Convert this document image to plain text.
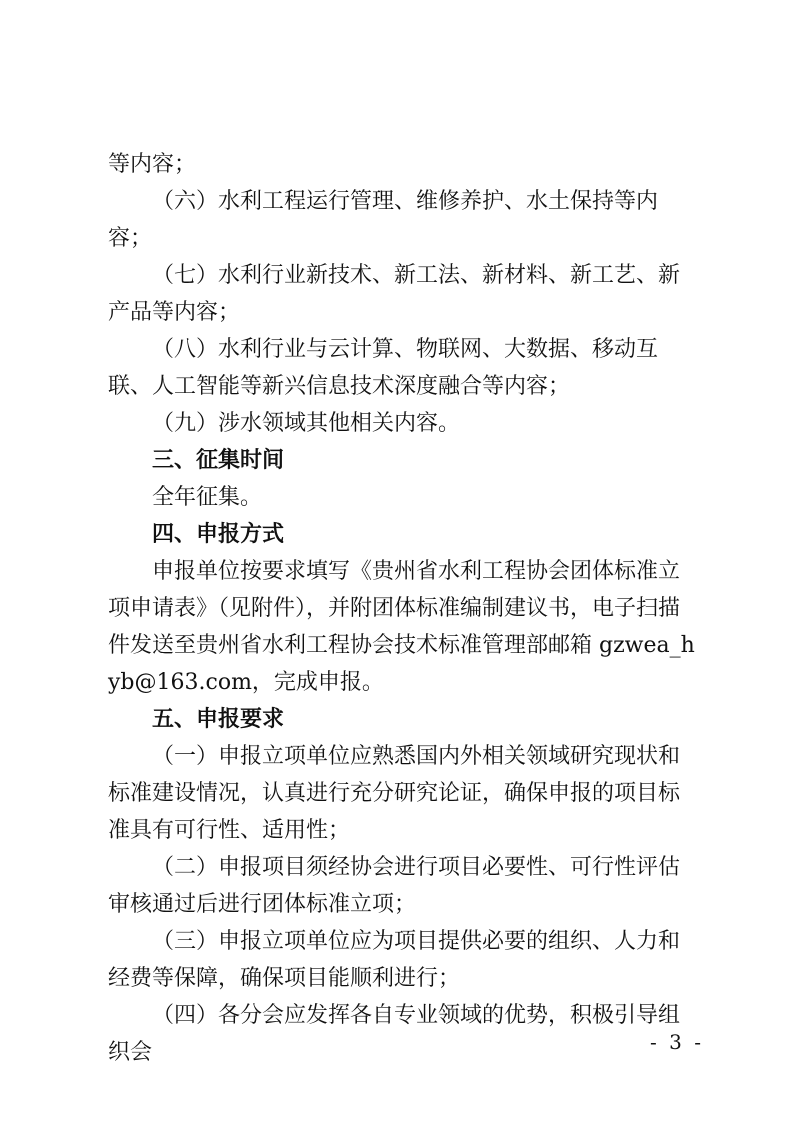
等内容；

（六）水利工程运行管理、维修养护、水土保持等内容；

（七）水利行业新技术、新工法、新材料、新工艺、新产品等内容；

（八）水利行业与云计算、物联网、大数据、移动互联、人工智能等新兴信息技术深度融合等内容；

（九）涉水领域其他相关内容。

三、征集时间

全年征集。

四、申报方式

申报单位按要求填写《贵州省水利工程协会团体标准立项申请表》（见附件），并附团体标准编制建议书，电子扫描件发送至贵州省水利工程协会技术标准管理部邮箱 gzwea_hyb@163.com，完成申报。

五、申报要求

（一）申报立项单位应熟悉国内外相关领域研究现状和标准建设情况，认真进行充分研究论证，确保申报的项目标准具有可行性、适用性；

（二）申报项目须经协会进行项目必要性、可行性评估审核通过后进行团体标准立项；

（三）申报立项单位应为项目提供必要的组织、人力和经费等保障，确保项目能顺利进行；

（四）各分会应发挥各自专业领域的优势，积极引导组织会	- 3 -
